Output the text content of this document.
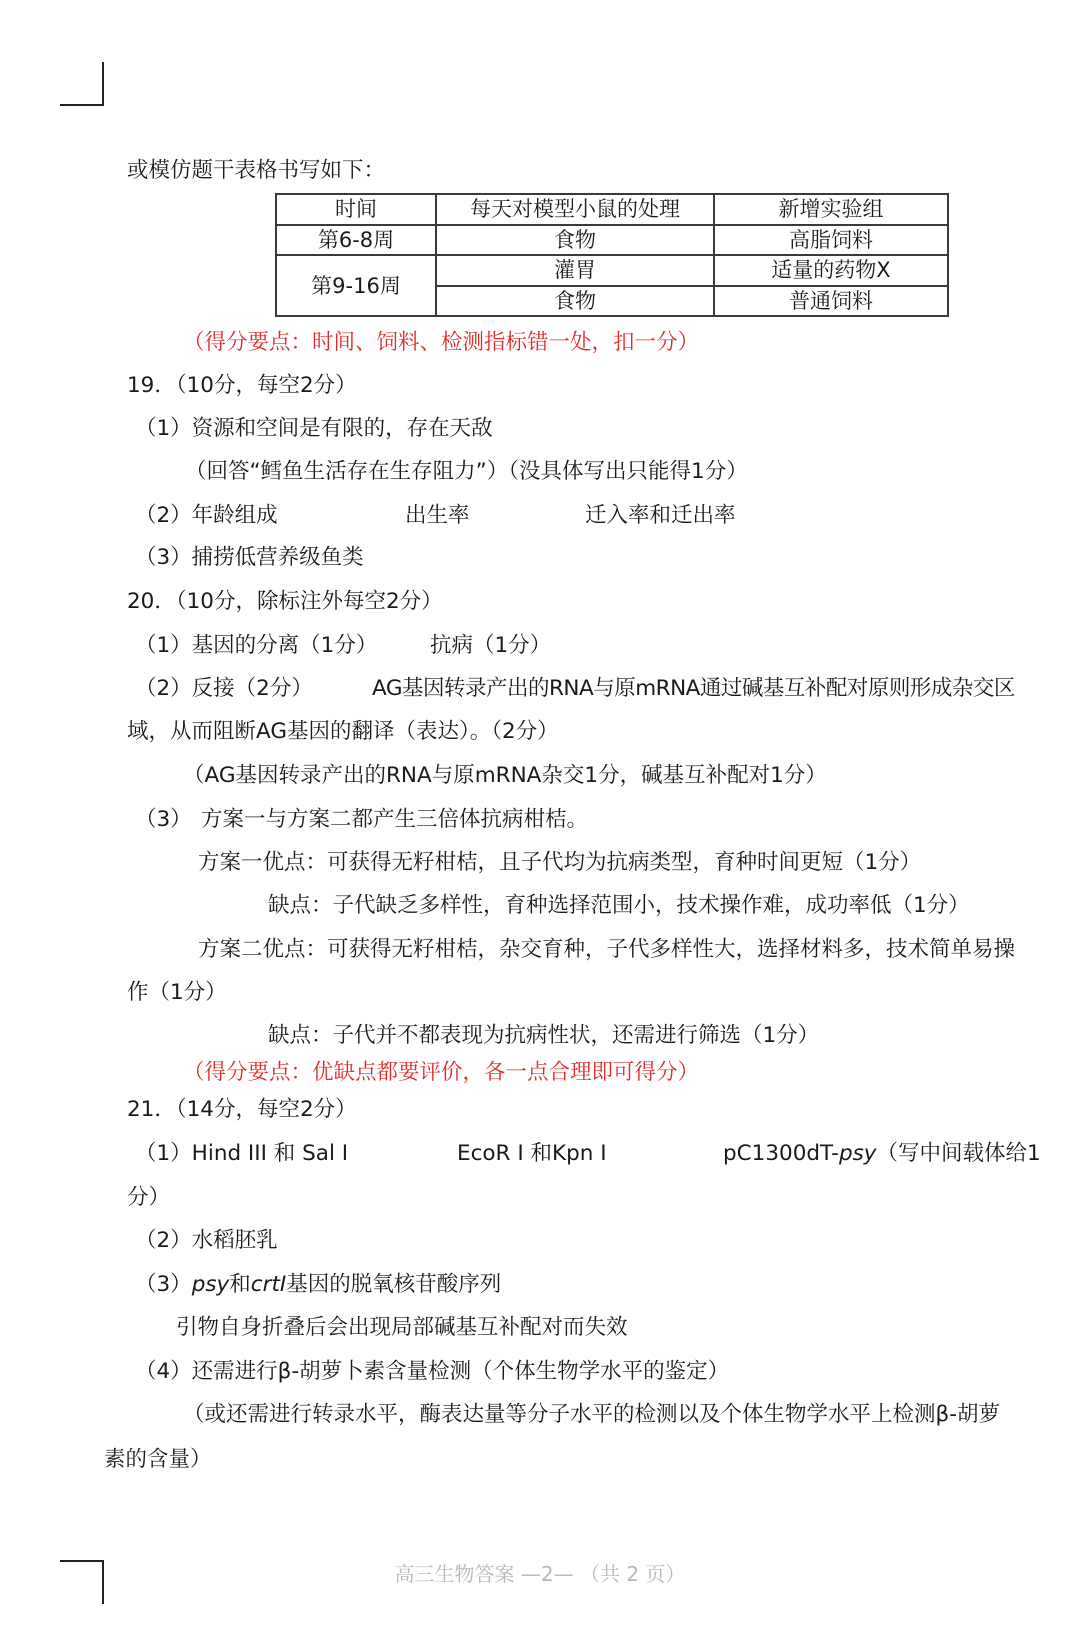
或模仿题干表格书写如下：
时间	每天对模型小鼠的处理	新增实验组
第6-8周	食物	高脂饲料
第9-16周	灌胃	适量的药物X
	食物	普通饲料
（得分要点：时间、饲料、检测指标错一处，扣一分）
19．（10分，每空2分）
（1）资源和空间是有限的，存在天敌
（回答“鳕鱼生活存在生存阻力”）（没具体写出只能得1分）
（2）年龄组成	出生率	迁入率和迁出率
（3）捕捞低营养级鱼类
20．（10分，除标注外每空2分）
（1）基因的分离（1分） 抗病（1分）
（2）反接（2分）	AG基因转录产出的RNA与原mRNA通过碱基互补配对原则形成杂交区
域，从而阻断AG基因的翻译（表达）。（2分）
（AG基因转录产出的RNA与原mRNA杂交1分，碱基互补配对1分）
（3） 方案一与方案二都产生三倍体抗病柑桔。
方案一优点：可获得无籽柑桔，且子代均为抗病类型，育种时间更短（1分）
缺点：子代缺乏多样性，育种选择范围小，技术操作难，成功率低（1分）
方案二优点：可获得无籽柑桔，杂交育种，子代多样性大，选择材料多，技术简单易操
作（1分）
缺点：子代并不都表现为抗病性状，还需进行筛选（1分）
（得分要点：优缺点都要评价，各一点合理即可得分）
21．（14分，每空2分）
（1）Hind III 和 Sal I	EcoR I 和Kpn I	pC1300dT-psy（写中间载体给1
分）
（2）水稻胚乳
（3）psy和crtI基因的脱氧核苷酸序列
引物自身折叠后会出现局部碱基互补配对而失效
（4）还需进行β-胡萝卜素含量检测（个体生物学水平的鉴定）
（或还需进行转录水平，酶表达量等分子水平的检测以及个体生物学水平上检测β-胡萝
素的含量）
高三生物答案 —2— （共 2 页）
